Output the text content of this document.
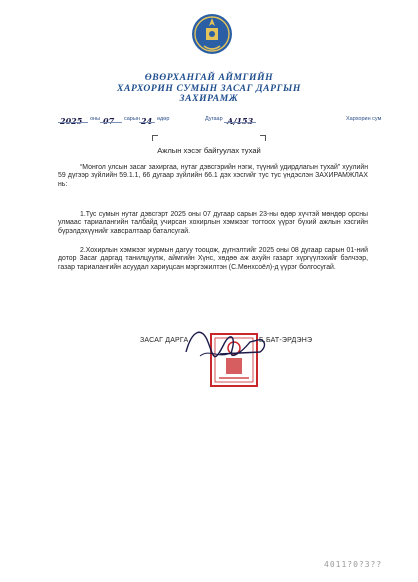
ӨВӨРХАНГАЙ АЙМГИЙН
ХАРХОРИН СУМЫН ЗАСАГ ДАРГЫН
ЗАХИРАМЖ
2025 оны 07 сарын 24 өдөр	Дугаар А/153	Хархорин сум
Ажлын хэсэг байгуулах тухай
“Монгол улсын засаг захиргаа, нутаг дэвсгэрийн нэгж, түүний удирдлагын тухай” хуулийн 59 дүгээр зүйлийн 59.1.1, 66 дугаар зүйлийн 66.1 дэх хэсгийг тус тус үндэслэн ЗАХИРАМЖЛАХ нь:
1.Тус сумын нутаг дэвсгэрт 2025 оны 07 дугаар сарын 23-ны өдөр хүчтэй мөндөр орсны улмаас тариалангийн талбайд учирсан хохирлын хэмжээг тогтоох үүрэг бүхий ажлын хэсгийн бүрэлдэхүүнийг хавсралтаар баталсугай.
2.Хохирлын хэмжээг журмын дагуу тооцож, дүгнэлтийг 2025 оны 08 дугаар сарын 01-ний дотор Засаг даргад танилцуулж, аймгийн Хүнс, хөдөө аж ахуйн газарт хүргүүлэхийг бэлчээр, газар тариалангийн асуудал хариуцсан мэргэжилтэн (С.Мөнхсоёл)-д үүрэг болгосугай.
ЗАСАГ ДАРГА	Б.БАТ-ЭРДЭНЭ
4011?0?3??
